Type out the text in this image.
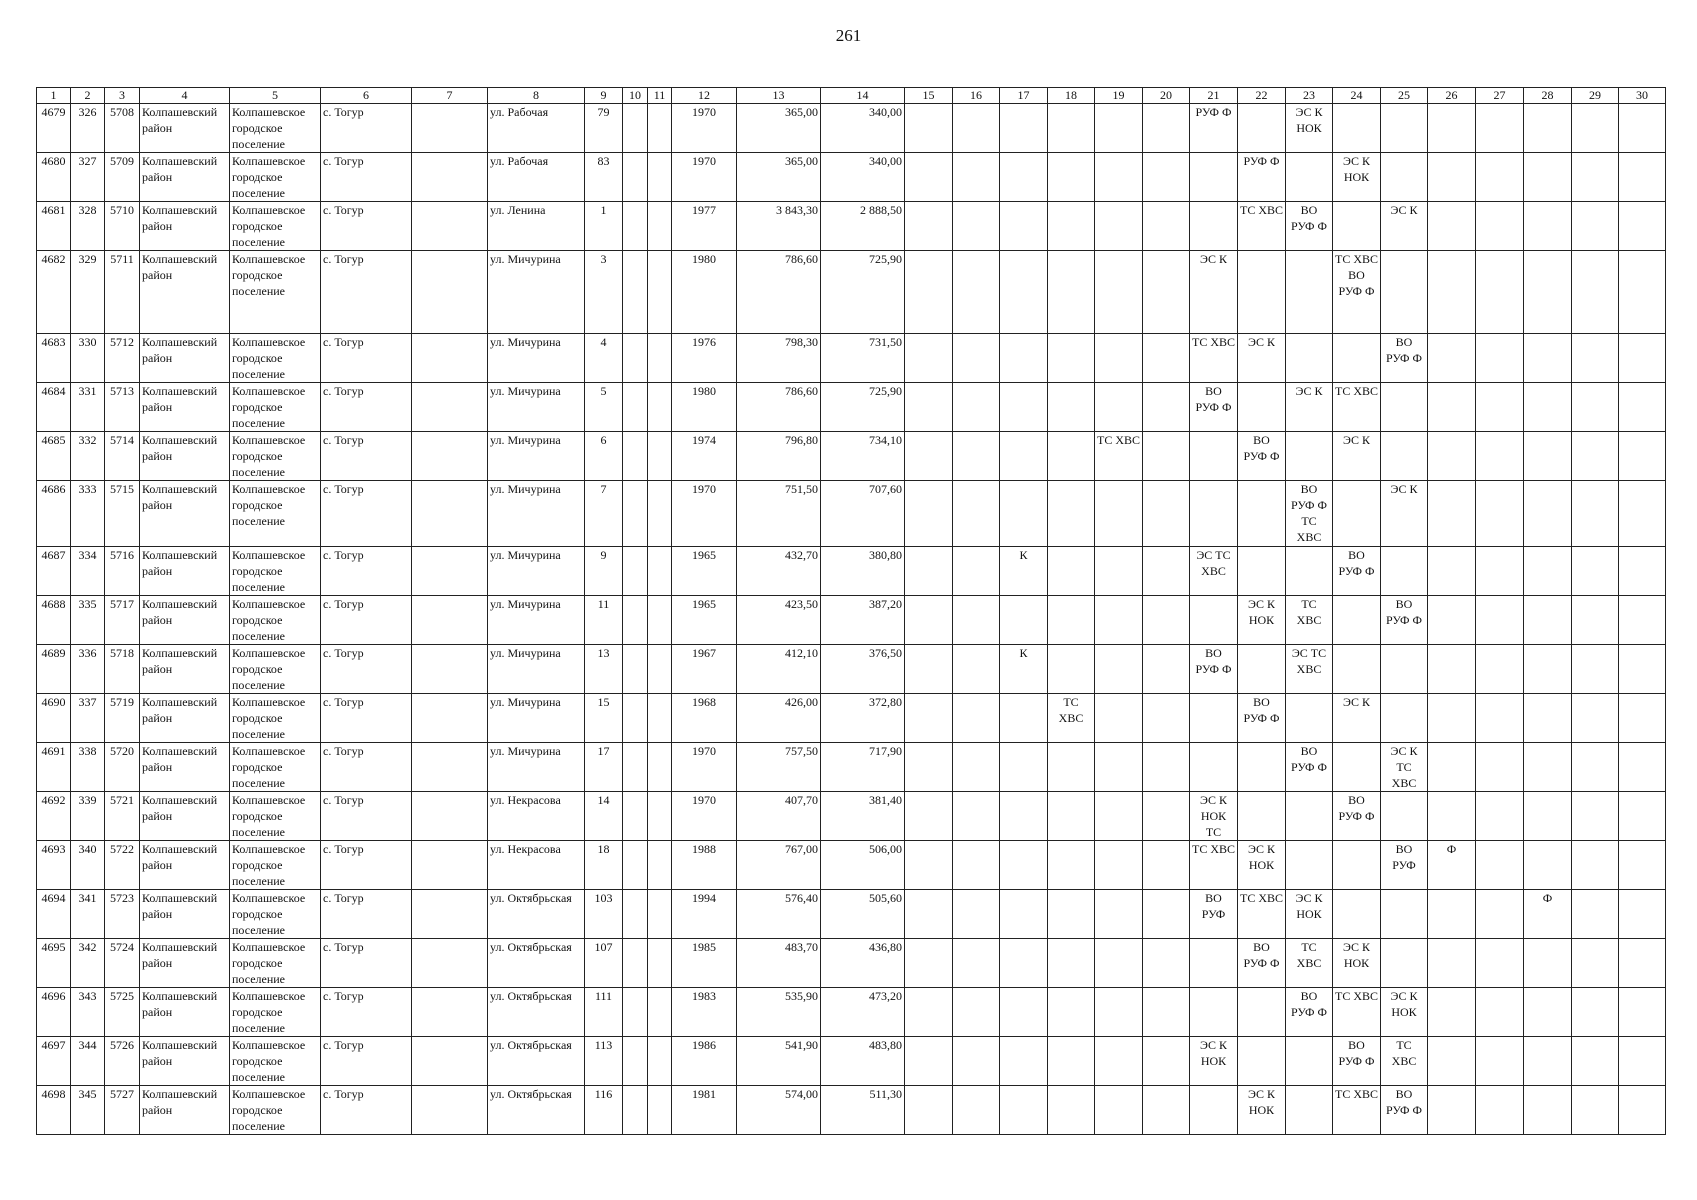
261
1	2	3	4	5	6	7	8	9	10	11	12	13	14	15	16	17	18	19	20	21	22	23	24	25	26	27	28	29	30
4679	326	5708	Колпашевский район	Колпашевское городское поселение	с. Тогур		ул. Рабочая	79			1970	365,00	340,00							РУФ Ф		ЭС К НОК							
4680	327	5709	Колпашевский район	Колпашевское городское поселение	с. Тогур		ул. Рабочая	83			1970	365,00	340,00								РУФ Ф		ЭС К НОК						
4681	328	5710	Колпашевский район	Колпашевское городское поселение	с. Тогур		ул. Ленина	1			1977	3 843,30	2 888,50								ТС ХВС	ВО РУФ Ф		ЭС К					
4682	329	5711	Колпашевский район	Колпашевское городское поселение	с. Тогур		ул. Мичурина	3			1980	786,60	725,90							ЭС К			ТС ХВС ВО РУФ Ф						
4683	330	5712	Колпашевский район	Колпашевское городское поселение	с. Тогур		ул. Мичурина	4			1976	798,30	731,50							ТС ХВС	ЭС К			ВО РУФ Ф					
4684	331	5713	Колпашевский район	Колпашевское городское поселение	с. Тогур		ул. Мичурина	5			1980	786,60	725,90							ВО РУФ Ф		ЭС К	ТС ХВС						
4685	332	5714	Колпашевский район	Колпашевское городское поселение	с. Тогур		ул. Мичурина	6			1974	796,80	734,10					ТС ХВС			ВО РУФ Ф		ЭС К						
4686	333	5715	Колпашевский район	Колпашевское городское поселение	с. Тогур		ул. Мичурина	7			1970	751,50	707,60									ВО РУФ Ф ТС ХВС		ЭС К					
4687	334	5716	Колпашевский район	Колпашевское городское поселение	с. Тогур		ул. Мичурина	9			1965	432,70	380,80			К				ЭС ТС ХВС			ВО РУФ Ф						
4688	335	5717	Колпашевский район	Колпашевское городское поселение	с. Тогур		ул. Мичурина	11			1965	423,50	387,20								ЭС К НОК	ТС ХВС		ВО РУФ Ф					
4689	336	5718	Колпашевский район	Колпашевское городское поселение	с. Тогур		ул. Мичурина	13			1967	412,10	376,50			К				ВО РУФ Ф		ЭС ТС ХВС							
4690	337	5719	Колпашевский район	Колпашевское городское поселение	с. Тогур		ул. Мичурина	15			1968	426,00	372,80				ТС ХВС				ВО РУФ Ф		ЭС К						
4691	338	5720	Колпашевский район	Колпашевское городское поселение	с. Тогур		ул. Мичурина	17			1970	757,50	717,90									ВО РУФ Ф		ЭС К ТС ХВС					
4692	339	5721	Колпашевский район	Колпашевское городское поселение	с. Тогур		ул. Некрасова	14			1970	407,70	381,40							ЭС К НОК ТС			ВО РУФ Ф						
4693	340	5722	Колпашевский район	Колпашевское городское поселение	с. Тогур		ул. Некрасова	18			1988	767,00	506,00							ТС ХВС	ЭС К НОК			ВО РУФ	Ф				
4694	341	5723	Колпашевский район	Колпашевское городское поселение	с. Тогур		ул. Октябрьская	103			1994	576,40	505,60							ВО РУФ	ТС ХВС	ЭС К НОК					Ф		
4695	342	5724	Колпашевский район	Колпашевское городское поселение	с. Тогур		ул. Октябрьская	107			1985	483,70	436,80								ВО РУФ Ф	ТС ХВС	ЭС К НОК						
4696	343	5725	Колпашевский район	Колпашевское городское поселение	с. Тогур		ул. Октябрьская	111			1983	535,90	473,20									ВО РУФ Ф	ТС ХВС	ЭС К НОК					
4697	344	5726	Колпашевский район	Колпашевское городское поселение	с. Тогур		ул. Октябрьская	113			1986	541,90	483,80							ЭС К НОК			ВО РУФ Ф	ТС ХВС					
4698	345	5727	Колпашевский район	Колпашевское городское поселение	с. Тогур		ул. Октябрьская	116			1981	574,00	511,30								ЭС К НОК		ТС ХВС	ВО РУФ Ф					
